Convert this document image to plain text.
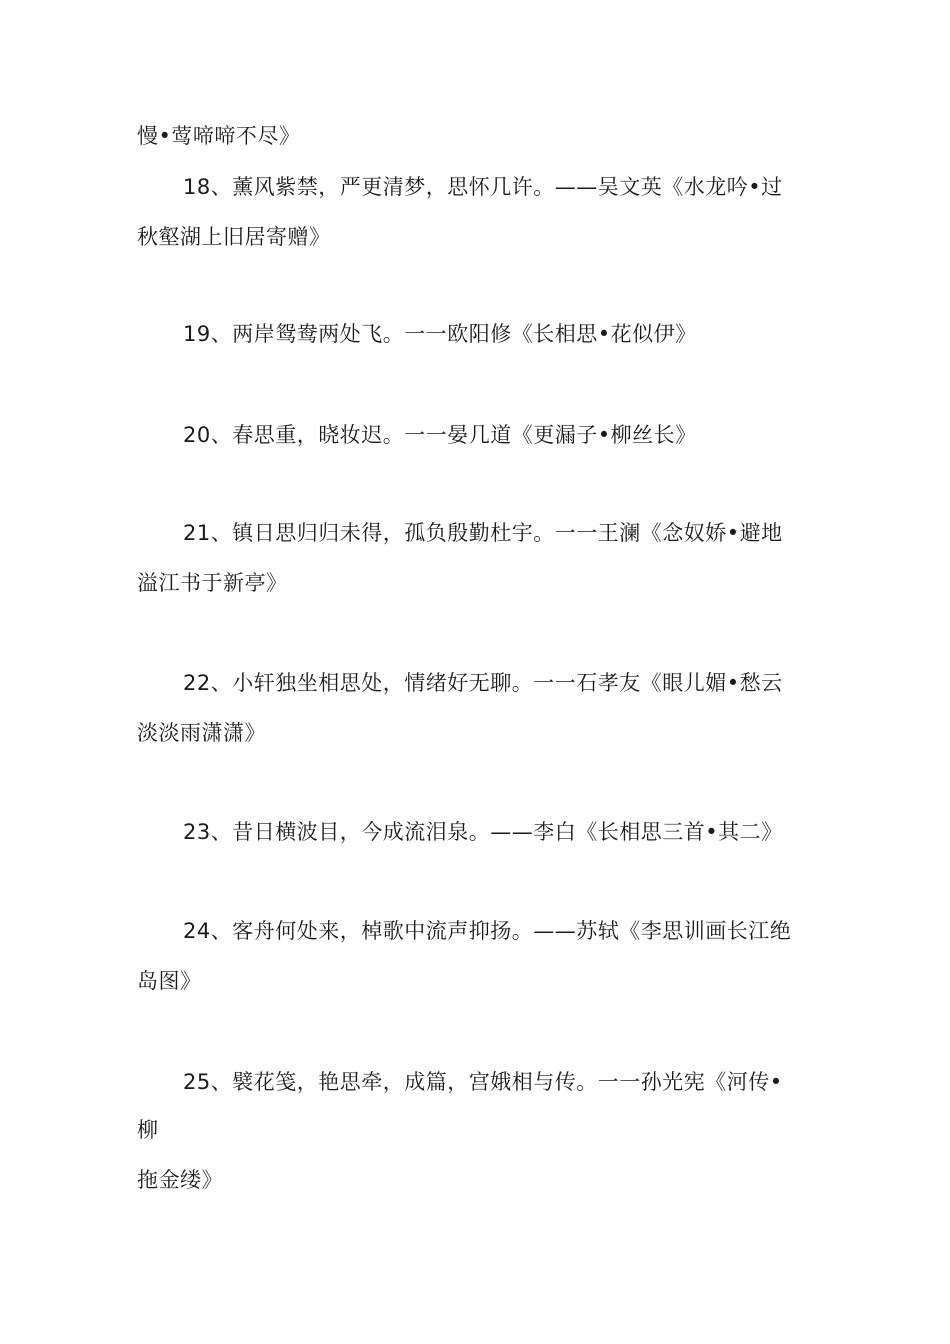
慢•莺啼啼不尽》
18、薰风紫禁，严更清梦，思怀几许。——吴文英《水龙吟•过
秋壑湖上旧居寄赠》
19、两岸鸳鸯两处飞。一一欧阳修《长相思•花似伊》
20、春思重，晓妆迟。一一晏几道《更漏子•柳丝长》
21、镇日思归归未得，孤负殷勤杜宇。一一王澜《念奴娇•避地
溢江书于新亭》
22、小轩独坐相思处，情绪好无聊。一一石孝友《眼儿媚•愁云
淡淡雨潇潇》
23、昔日横波目，今成流泪泉。——李白《长相思三首•其二》
24、客舟何处来，棹歌中流声抑扬。——苏轼《李思训画长江绝
岛图》
25、襞花笺，艳思牵，成篇，宫娥相与传。一一孙光宪《河传•
柳
拖金缕》
